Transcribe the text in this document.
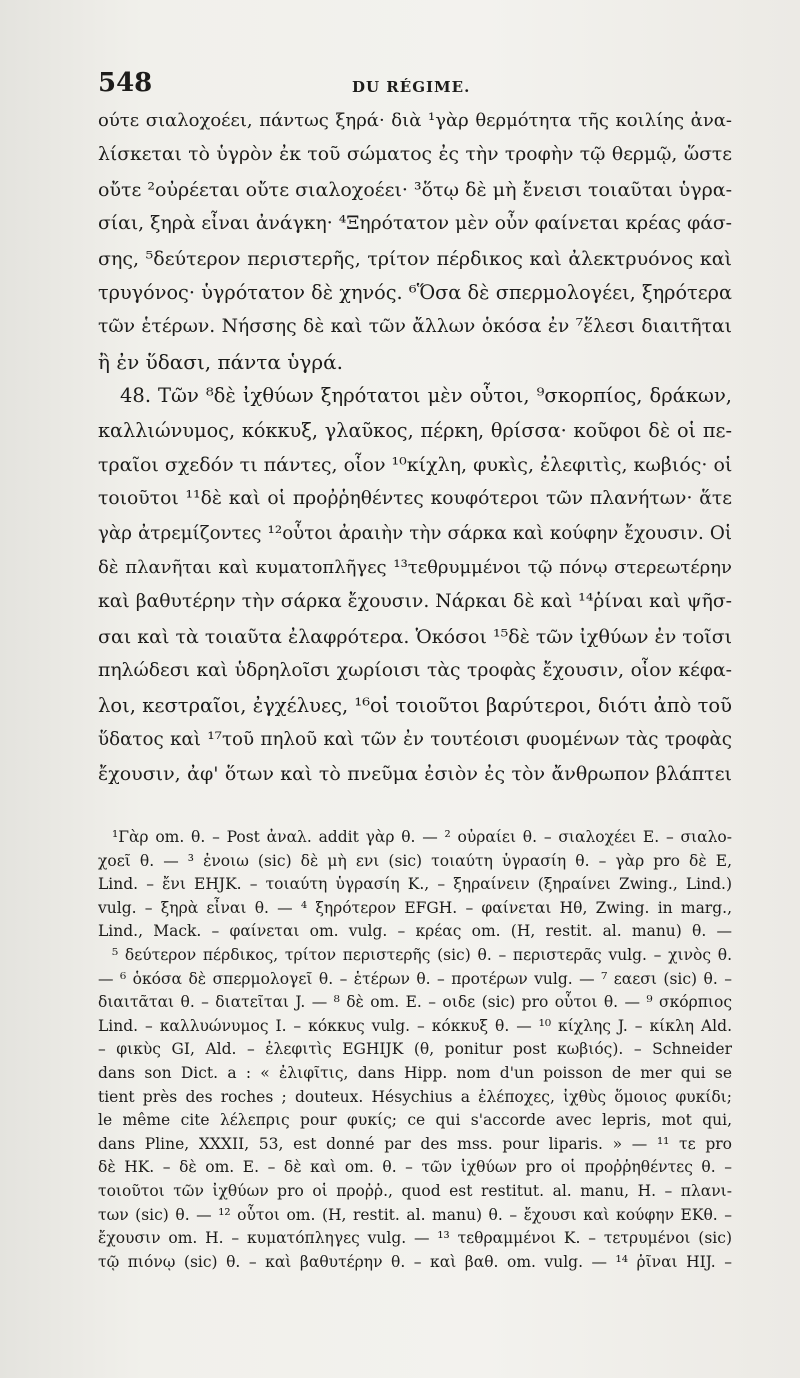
548	DU RÉGIME.
ούτε σιαλοχοέει, πάντως ξηρά· διὰ ¹γὰρ θερμότητα τῆς κοιλίης ἀνα-
λίσκεται τὸ ὑγρὸν ἐκ τοῦ σώματος ἐς τὴν τροφὴν τῷ θερμῷ, ὥστε
οὔτε ²οὐρέεται οὔτε σιαλοχοέει· ³ὅτῳ δὲ μὴ ἔνεισι τοιαῦται ὑγρα-
σίαι, ξηρὰ εἶναι ἀνάγκη· ⁴Ξηρότατον μὲν οὖν φαίνεται κρέας φάσ-
σης, ⁵δεύτερον περιστερῆς, τρίτον πέρδικος καὶ ἀλεκτρυόνος καὶ
τρυγόνος· ὑγρότατον δὲ χηνός. ⁶Ὅσα δὲ σπερμολογέει, ξηρότερα
τῶν ἑτέρων. Νήσσης δὲ καὶ τῶν ἄλλων ὁκόσα ἐν ⁷ἕλεσι διαιτῆται
ἢ ἐν ὕδασι, πάντα ὑγρά.
48. Τῶν ⁸δὲ ἰχθύων ξηρότατοι μὲν οὗτοι, ⁹σκορπίος, δράκων,
καλλιώνυμος, κόκκυξ, γλαῦκος, πέρκη, θρίσσα· κοῦφοι δὲ οἱ πε-
τραῖοι σχεδόν τι πάντες, οἷον ¹⁰κίχλη, φυκὶς, ἐλεφιτὶς, κωβιός· οἱ
τοιοῦτοι ¹¹δὲ καὶ οἱ προῤῥηθέντες κουφότεροι τῶν πλανήτων· ἅτε
γὰρ ἀτρεμίζοντες ¹²οὗτοι ἀραιὴν τὴν σάρκα καὶ κούφην ἔχουσιν. Οἱ
δὲ πλανῆται καὶ κυματοπλῆγες ¹³τεθρυμμένοι τῷ πόνῳ στερεωτέρην
καὶ βαθυτέρην τὴν σάρκα ἔχουσιν. Νάρκαι δὲ καὶ ¹⁴ῥίναι καὶ ψῆσ-
σαι καὶ τὰ τοιαῦτα ἐλαφρότερα. Ὁκόσοι ¹⁵δὲ τῶν ἰχθύων ἐν τοῖσι
πηλώδεσι καὶ ὑδρηλοῖσι χωρίοισι τὰς τροφὰς ἔχουσιν, οἷον κέφα-
λοι, κεστραῖοι, ἐγχέλυες, ¹⁶οἱ τοιοῦτοι βαρύτεροι, διότι ἀπὸ τοῦ
ὕδατος καὶ ¹⁷τοῦ πηλοῦ καὶ τῶν ἐν τουτέοισι φυομένων τὰς τροφὰς
ἔχουσιν, ἀφ' ὅτων καὶ τὸ πνεῦμα ἐσιὸν ἐς τὸν ἄνθρωπον βλάπτει
¹Γὰρ om. θ. – Post ἀναλ. addit γὰρ θ. — ² οὐραίει θ. – σιαλοχέει E. – σιαλο-
χοεῖ θ. — ³ ἐνοιω (sic) δὲ μὴ ενι (sic) τοιαύτη ὑγρασίη θ. – γὰρ pro δὲ E,
Lind. – ἔνι EHJK. – τοιαύτη ὑγρασίη K., – ξηραίνειν (ξηραίνει Zwing., Lind.)
vulg. – ξηρὰ εἶναι θ. — ⁴ ξηρότερον EFGH. – φαίνεται Hθ, Zwing. in marg.,
Lind., Mack. – φαίνεται om. vulg. – κρέας om. (H, restit. al. manu) θ. —
⁵ δεύτερον πέρδικος, τρίτον περιστερῆς (sic) θ. – περιστερᾶς vulg. – χινὸς θ.
— ⁶ ὁκόσα δὲ σπερμολογεῖ θ. – ἑτέρων θ. – προτέρων vulg. — ⁷ εαεσι (sic) θ. –
διαιτᾶται θ. – διατεῖται J. — ⁸ δὲ om. E. – οιδε (sic) pro οὗτοι θ. — ⁹ σκόρπιος
Lind. – καλλυώνυμος I. – κόκκυς vulg. – κόκκυξ θ. — ¹⁰ κίχλης J. – κίκλη Ald.
– φικὺς GI, Ald. – ἐλεφιτὶς EGHIJK (θ, ponitur post κωβιός). – Schneider
dans son Dict. a : « ἐλιφῖτις, dans Hipp. nom d'un poisson de mer qui se
tient près des roches ; douteux. Hésychius a ἐλέποχες, ἰχθὺς ὅμοιος φυκίδι;
le même cite λέλεπρις pour φυκίς; ce qui s'accorde avec lepris, mot qui,
dans Pline, XXXII, 53, est donné par des mss. pour liparis. » — ¹¹ τε pro
δὲ HK. – δὲ om. E. – δὲ καὶ om. θ. – τῶν ἰχθύων pro οἱ προῤῥηθέντες θ. –
τοιοῦτοι τῶν ἰχθύων pro οἱ προῤῥ., quod est restitut. al. manu, H. – πλανι-
των (sic) θ. — ¹² οὗτοι om. (H, restit. al. manu) θ. – ἔχουσι καὶ κούφην EKθ. –
ἔχουσιν om. H. – κυματόπληγες vulg. — ¹³ τεθραμμένοι K. – τετρυμένοι (sic)
τῷ πιόνῳ (sic) θ. – καὶ βαθυτέρην θ. – καὶ βαθ. om. vulg. — ¹⁴ ῥῖναι HIJ. –
